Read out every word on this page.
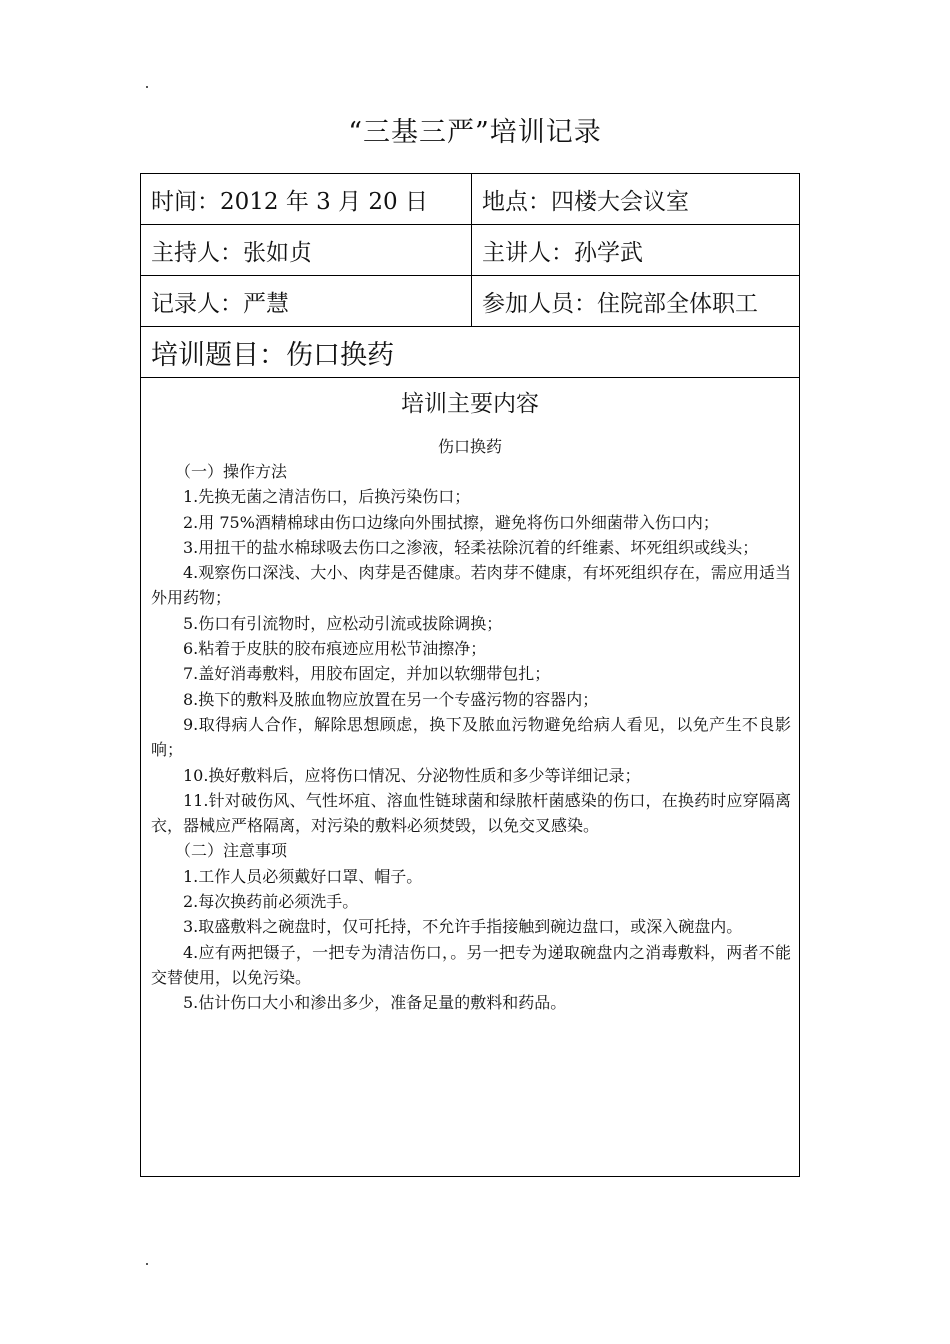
“三基三严”培训记录
时间：2012 年 3 月 20 日	地点：四楼大会议室
主持人：张如贞	主讲人：孙学武
记录人：严慧	参加人员：住院部全体职工
培训题目：伤口换药
培训主要内容
伤口换药

（一）操作方法

1.先换无菌之清洁伤口，后换污染伤口；

2.用 75%酒精棉球由伤口边缘向外围拭擦，避免将伤口外细菌带入伤口内；

3.用扭干的盐水棉球吸去伤口之渗液，轻柔祛除沉着的纤维素、坏死组织或线头；

4.观察伤口深浅、大小、肉芽是否健康。若肉芽不健康，有坏死组织存在，需应用适当外用药物；

5.伤口有引流物时，应松动引流或拔除调换；

6.粘着于皮肤的胶布痕迹应用松节油擦净；

7.盖好消毒敷料，用胶布固定，并加以软绷带包扎；

8.换下的敷料及脓血物应放置在另一个专盛污物的容器内；

9.取得病人合作，解除思想顾虑，换下及脓血污物避免给病人看见，以免产生不良影响；

10.换好敷料后，应将伤口情况、分泌物性质和多少等详细记录；

11.针对破伤风、气性坏疽、溶血性链球菌和绿脓杆菌感染的伤口，在换药时应穿隔离衣，器械应严格隔离，对污染的敷料必须焚毁，以免交叉感染。

（二）注意事项

1.工作人员必须戴好口罩、帽子。

2.每次换药前必须洗手。

3.取盛敷料之碗盘时，仅可托持，不允许手指接触到碗边盘口，或深入碗盘内。

4.应有两把镊子，一把专为清洁伤口，。另一把专为递取碗盘内之消毒敷料，两者不能交替使用，以免污染。

5.估计伤口大小和渗出多少，准备足量的敷料和药品。
